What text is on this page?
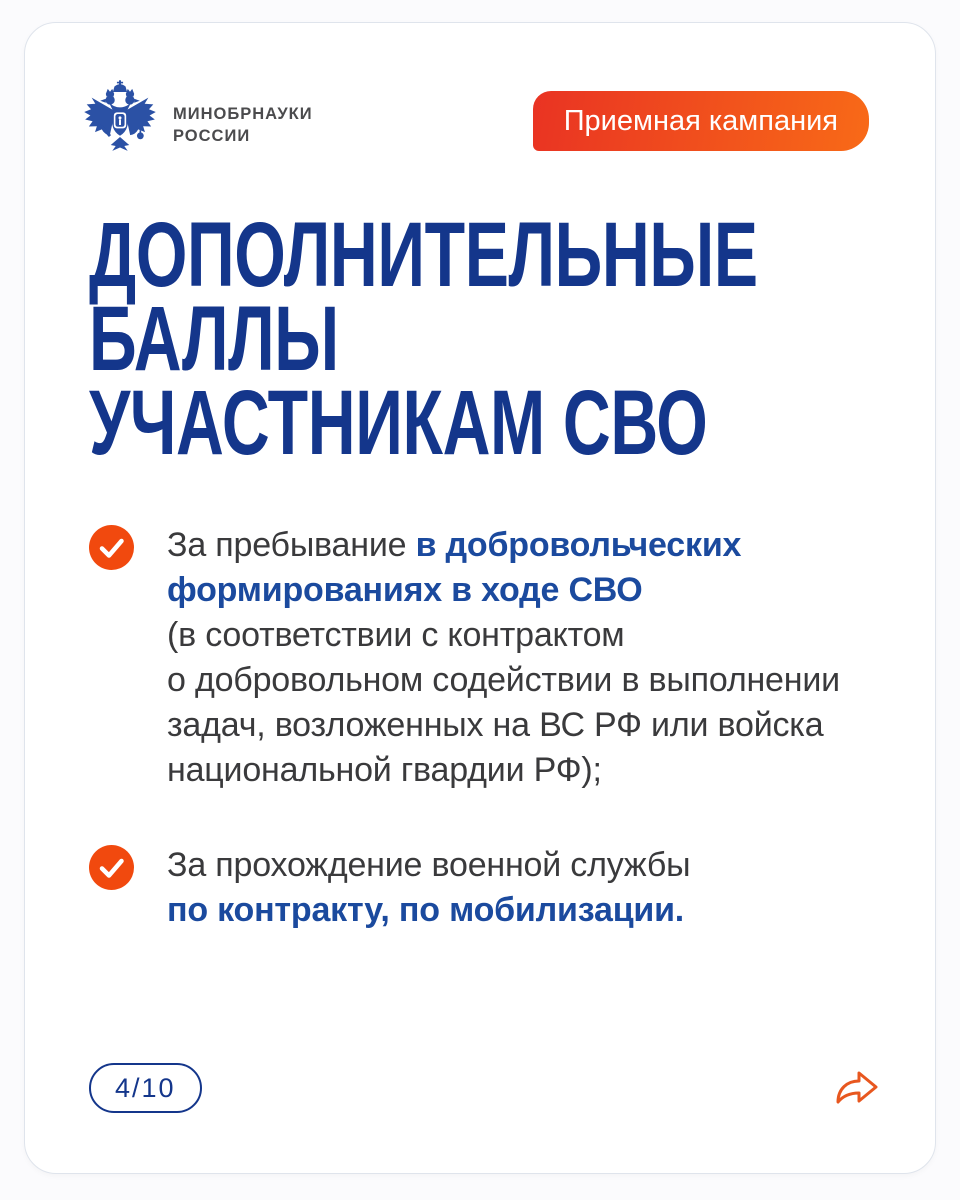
МИНОБРНАУКИ
РОССИИ	Приемная кампания
ДОПОЛНИТЕЛЬНЫЕ
БАЛЛЫ
УЧАСТНИКАМ СВО
За пребывание в добровольческих
формированиях в ходе СВО
(в соответствии с контрактом
о добровольном содействии в выполнении
задач, возложенных на ВС РФ или войска
национальной гвардии РФ);
За прохождение военной службы
по контракту, по мобилизации.
4/10
